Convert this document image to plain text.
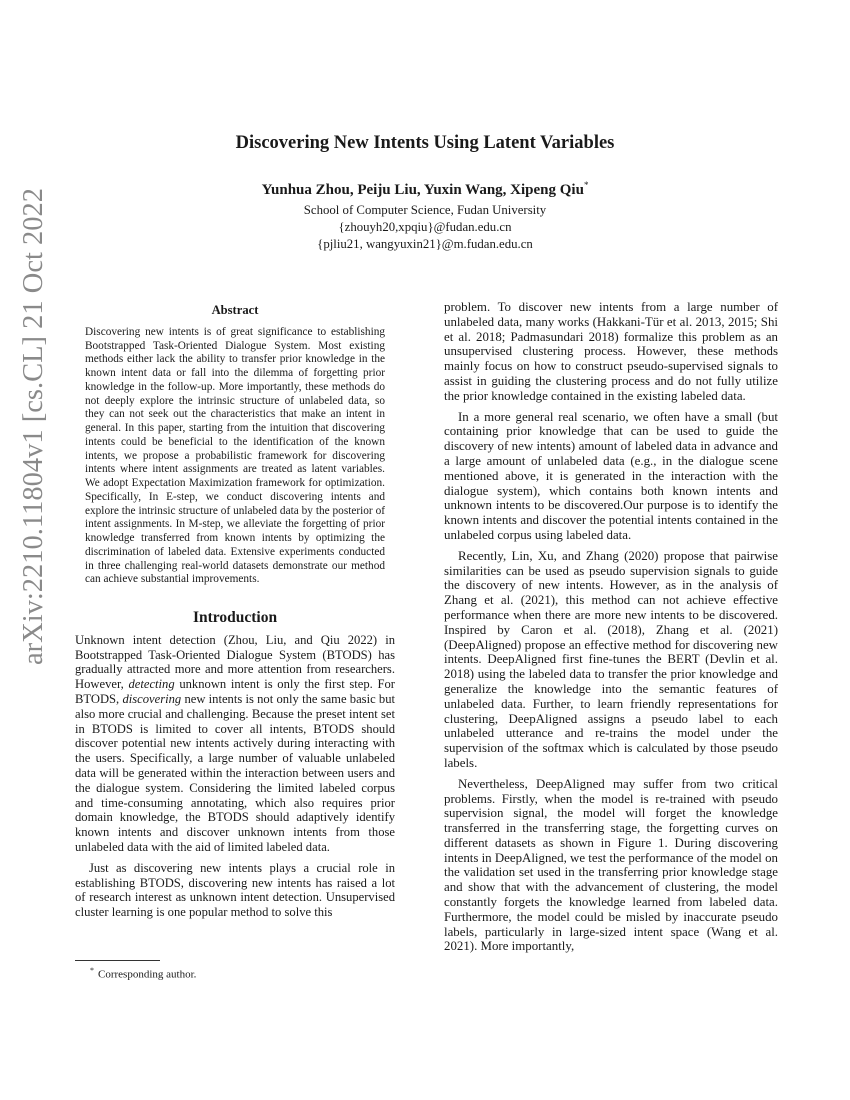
arXiv:2210.11804v1 [cs.CL] 21 Oct 2022
Discovering New Intents Using Latent Variables
Yunhua Zhou, Peiju Liu, Yuxin Wang, Xipeng Qiu*
School of Computer Science, Fudan University
{zhouyh20,xpqiu}@fudan.edu.cn
{pjliu21, wangyuxin21}@m.fudan.edu.cn
Abstract

Discovering new intents is of great significance to establishing Bootstrapped Task-Oriented Dialogue System. Most existing methods either lack the ability to transfer prior knowledge in the known intent data or fall into the dilemma of forgetting prior knowledge in the follow-up. More importantly, these methods do not deeply explore the intrinsic structure of unlabeled data, so they can not seek out the characteristics that make an intent in general. In this paper, starting from the intuition that discovering intents could be beneficial to the identification of the known intents, we propose a probabilistic framework for discovering intents where intent assignments are treated as latent variables. We adopt Expectation Maximization framework for optimization. Specifically, In E-step, we conduct discovering intents and explore the intrinsic structure of unlabeled data by the posterior of intent assignments. In M-step, we alleviate the forgetting of prior knowledge transferred from known intents by optimizing the discrimination of labeled data. Extensive experiments conducted in three challenging real-world datasets demonstrate our method can achieve substantial improvements.

Introduction

Unknown intent detection (Zhou, Liu, and Qiu 2022) in Bootstrapped Task-Oriented Dialogue System (BTODS) has gradually attracted more and more attention from researchers. However, detecting unknown intent is only the first step. For BTODS, discovering new intents is not only the same basic but also more crucial and challenging. Because the preset intent set in BTODS is limited to cover all intents, BTODS should discover potential new intents actively during interacting with the users. Specifically, a large number of valuable unlabeled data will be generated within the interaction between users and the dialogue system. Considering the limited labeled corpus and time-consuming annotating, which also requires prior domain knowledge, the BTODS should adaptively identify known intents and discover unknown intents from those unlabeled data with the aid of limited labeled data.

Just as discovering new intents plays a crucial role in establishing BTODS, discovering new intents has raised a lot of research interest as unknown intent detection. Unsupervised cluster learning is one popular method to solve this

problem. To discover new intents from a large number of unlabeled data, many works (Hakkani-Tür et al. 2013, 2015; Shi et al. 2018; Padmasundari 2018) formalize this problem as an unsupervised clustering process. However, these methods mainly focus on how to construct pseudo-supervised signals to assist in guiding the clustering process and do not fully utilize the prior knowledge contained in the existing labeled data.

In a more general real scenario, we often have a small (but containing prior knowledge that can be used to guide the discovery of new intents) amount of labeled data in advance and a large amount of unlabeled data (e.g., in the dialogue scene mentioned above, it is generated in the interaction with the dialogue system), which contains both known intents and unknown intents to be discovered.Our purpose is to identify the known intents and discover the potential intents contained in the unlabeled corpus using labeled data.

Recently, Lin, Xu, and Zhang (2020) propose that pairwise similarities can be used as pseudo supervision signals to guide the discovery of new intents. However, as in the analysis of Zhang et al. (2021), this method can not achieve effective performance when there are more new intents to be discovered. Inspired by Caron et al. (2018), Zhang et al. (2021) (DeepAligned) propose an effective method for discovering new intents. DeepAligned first fine-tunes the BERT (Devlin et al. 2018) using the labeled data to transfer the prior knowledge and generalize the knowledge into the semantic features of unlabeled data. Further, to learn friendly representations for clustering, DeepAligned assigns a pseudo label to each unlabeled utterance and re-trains the model under the supervision of the softmax which is calculated by those pseudo labels.

Nevertheless, DeepAligned may suffer from two critical problems. Firstly, when the model is re-trained with pseudo supervision signal, the model will forget the knowledge transferred in the transferring stage, the forgetting curves on different datasets as shown in Figure 1. During discovering intents in DeepAligned, we test the performance of the model on the validation set used in the transferring prior knowledge stage and show that with the advancement of clustering, the model constantly forgets the knowledge learned from labeled data. Furthermore, the model could be misled by inaccurate pseudo labels, particularly in large-sized intent space (Wang et al. 2021). More importantly,

* Corresponding author.
